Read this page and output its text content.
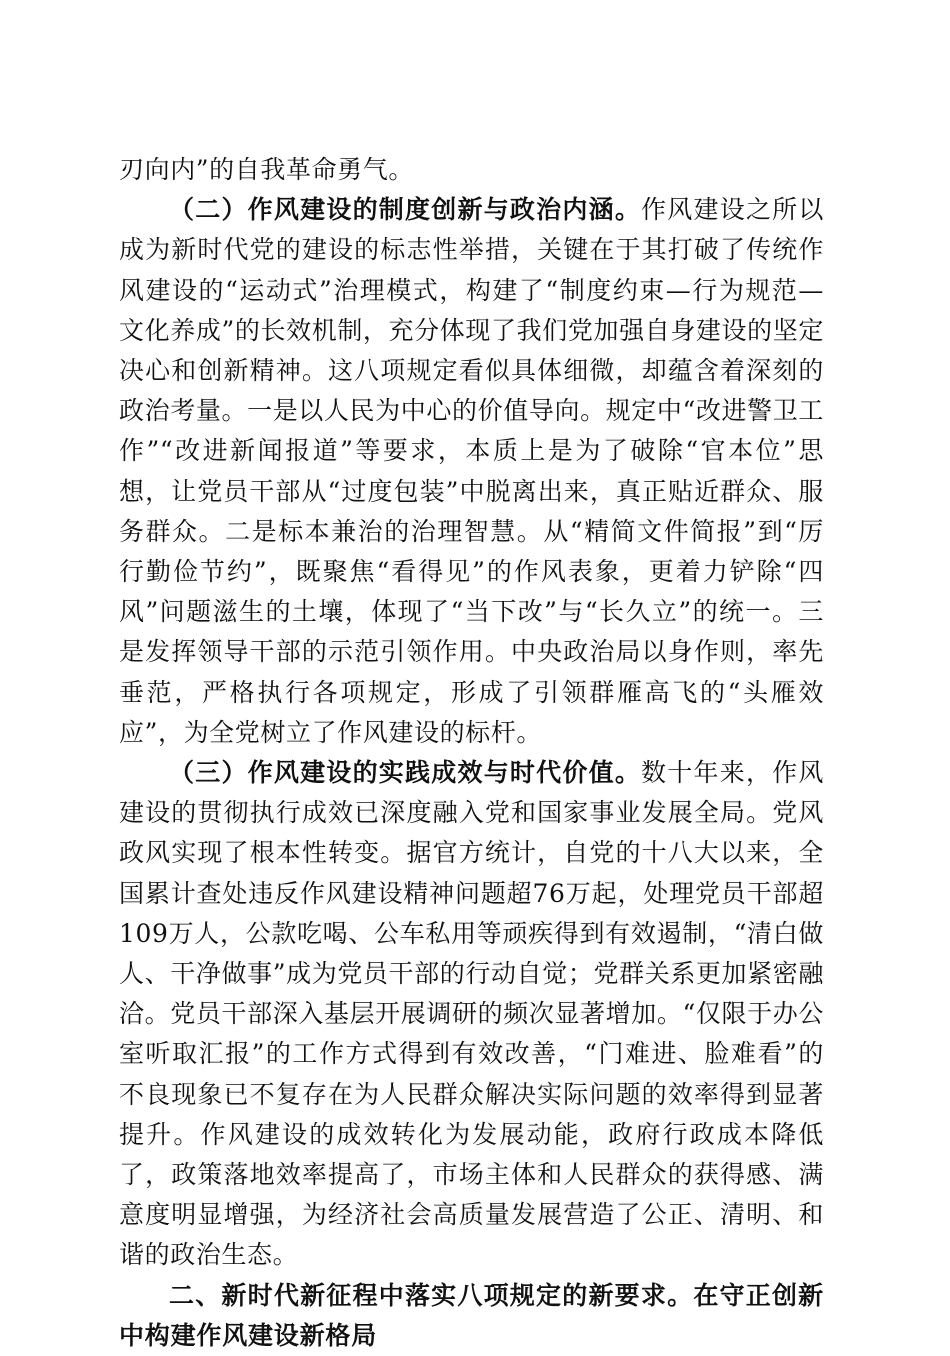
刃向内”的自我革命勇气。

（二）作风建设的制度创新与政治内涵。作风建设之所以成为新时代党的建设的标志性举措，关键在于其打破了传统作风建设的“运动式”治理模式，构建了“制度约束—行为规范—文化养成”的长效机制，充分体现了我们党加强自身建设的坚定决心和创新精神。这八项规定看似具体细微，却蕴含着深刻的政治考量。一是以人民为中心的价值导向。规定中“改进警卫工作”“改进新闻报道”等要求，本质上是为了破除“官本位”思想，让党员干部从“过度包装”中脱离出来，真正贴近群众、服务群众。二是标本兼治的治理智慧。从“精简文件简报”到“厉行勤俭节约”，既聚焦“看得见”的作风表象，更着力铲除“四风”问题滋生的土壤，体现了“当下改”与“长久立”的统一。三是发挥领导干部的示范引领作用。中央政治局以身作则，率先垂范，严格执行各项规定，形成了引领群雁高飞的“头雁效应”，为全党树立了作风建设的标杆。

（三）作风建设的实践成效与时代价值。数十年来，作风建设的贯彻执行成效已深度融入党和国家事业发展全局。党风政风实现了根本性转变。据官方统计，自党的十八大以来，全国累计查处违反作风建设精神问题超76万起，处理党员干部超109万人，公款吃喝、公车私用等顽疾得到有效遏制，“清白做人、干净做事”成为党员干部的行动自觉；党群关系更加紧密融洽。党员干部深入基层开展调研的频次显著增加。“仅限于办公室听取汇报”的工作方式得到有效改善，“门难进、脸难看”的不良现象已不复存在为人民群众解决实际问题的效率得到显著提升。作风建设的成效转化为发展动能，政府行政成本降低了，政策落地效率提高了，市场主体和人民群众的获得感、满意度明显增强，为经济社会高质量发展营造了公正、清明、和谐的政治生态。

二、新时代新征程中落实八项规定的新要求。在守正创新中构建作风建设新格局
